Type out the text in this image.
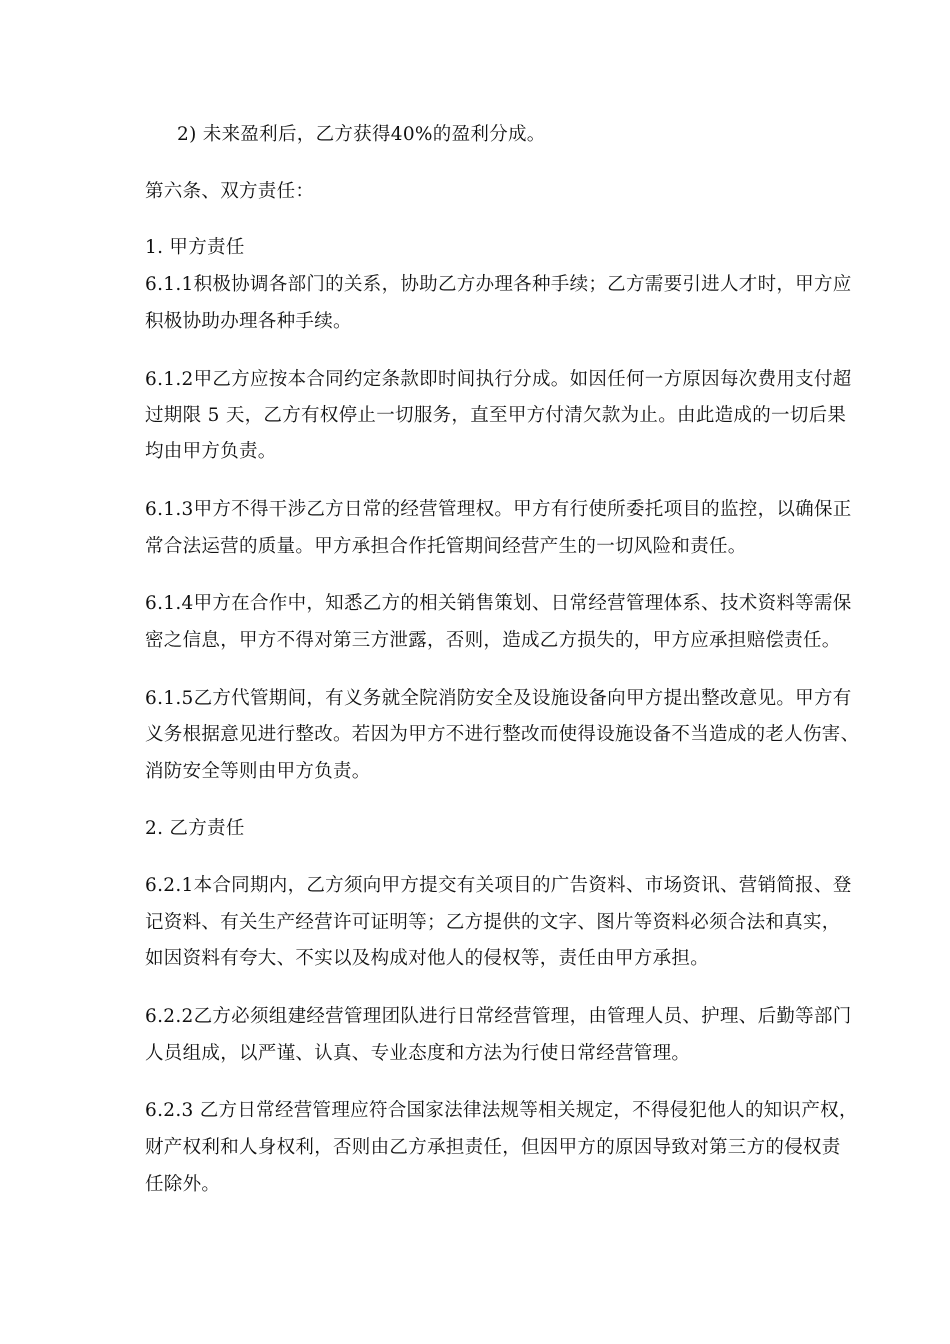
2) 未来盈利后，乙方获得40%的盈利分成。
第六条、双方责任：
1. 甲方责任
6.1.1积极协调各部门的关系，协助乙方办理各种手续；乙方需要引进人才时，甲方应
积极协助办理各种手续。
6.1.2甲乙方应按本合同约定条款即时间执行分成。如因任何一方原因每次费用支付超
过期限 5 天，乙方有权停止一切服务，直至甲方付清欠款为止。由此造成的一切后果
均由甲方负责。
6.1.3甲方不得干涉乙方日常的经营管理权。甲方有行使所委托项目的监控，以确保正
常合法运营的质量。甲方承担合作托管期间经营产生的一切风险和责任。
6.1.4甲方在合作中，知悉乙方的相关销售策划、日常经营管理体系、技术资料等需保
密之信息，甲方不得对第三方泄露，否则，造成乙方损失的，甲方应承担赔偿责任。
6.1.5乙方代管期间，有义务就全院消防安全及设施设备向甲方提出整改意见。甲方有
义务根据意见进行整改。若因为甲方不进行整改而使得设施设备不当造成的老人伤害、
消防安全等则由甲方负责。
2. 乙方责任
6.2.1本合同期内，乙方须向甲方提交有关项目的广告资料、市场资讯、营销简报、登
记资料、有关生产经营许可证明等；乙方提供的文字、图片等资料必须合法和真实，
如因资料有夸大、不实以及构成对他人的侵权等，责任由甲方承担。
6.2.2乙方必须组建经营管理团队进行日常经营管理，由管理人员、护理、后勤等部门
人员组成，以严谨、认真、专业态度和方法为行使日常经营管理。
6.2.3 乙方日常经营管理应符合国家法律法规等相关规定，不得侵犯他人的知识产权，
财产权利和人身权利，否则由乙方承担责任，但因甲方的原因导致对第三方的侵权责
任除外。
